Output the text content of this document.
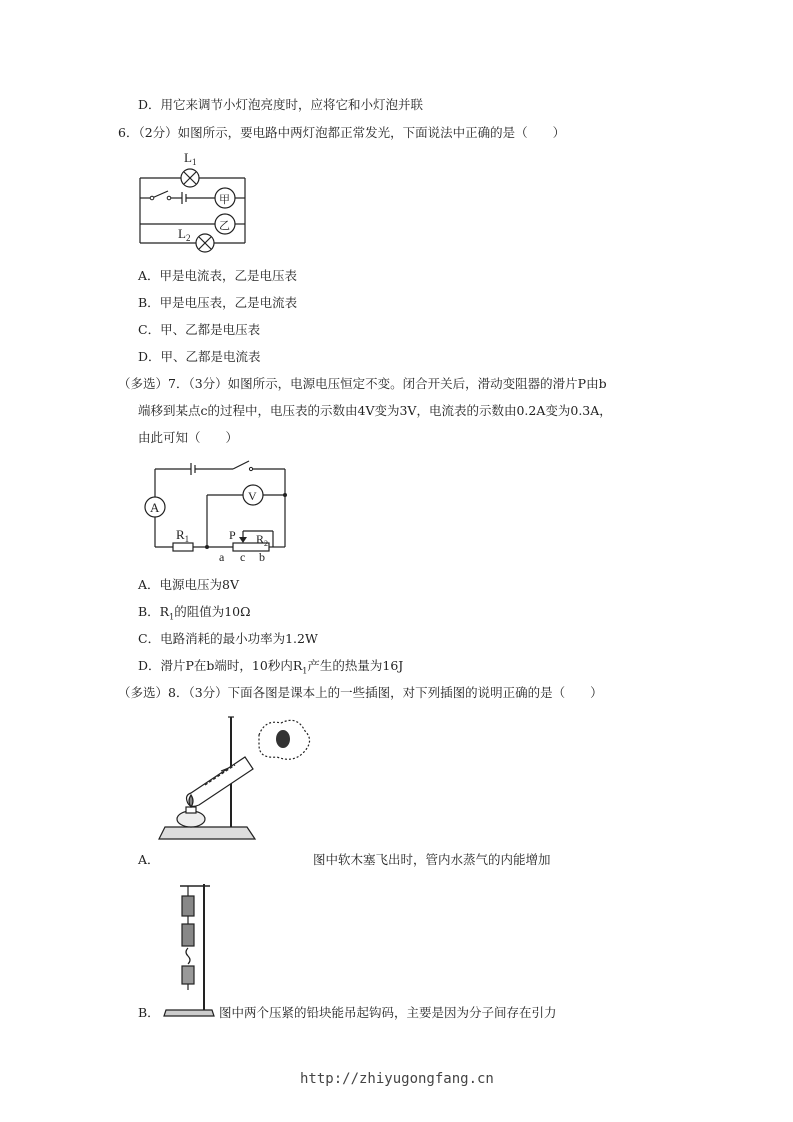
D．用它来调节小灯泡亮度时，应将它和小灯泡并联
6．（2分）如图所示，要电路中两灯泡都正常发光，下面说法中正确的是（　　）
$L_1$
$L_2$
甲
乙
A．甲是电流表，乙是电压表
B．甲是电压表，乙是电流表
C．甲、乙都是电压表
D．甲、乙都是电流表
（多选）7．（3分）如图所示，电源电压恒定不变。闭合开关后，滑动变阻器的滑片P由b
端移到某点c的过程中，电压表的示数由4V变为3V，电流表的示数由0.2A变为0.3A，
由此可知（　　）
A
V
$R_1$	P $R_2$
a c b
A．电源电压为8V
B．$R_1$的阻值为10Ω
C．电路消耗的最小功率为1.2W
D．滑片P在b端时，10秒内$R_1$产生的热量为16J
（多选）8．（3分）下面各图是课本上的一些插图，对下列插图的说明正确的是（　　）
A．	图中软木塞飞出时，管内水蒸气的内能增加
B．	图中两个压紧的铅块能吊起钩码，主要是因为分子间存在引力
http://zhiyugongfang.cn
